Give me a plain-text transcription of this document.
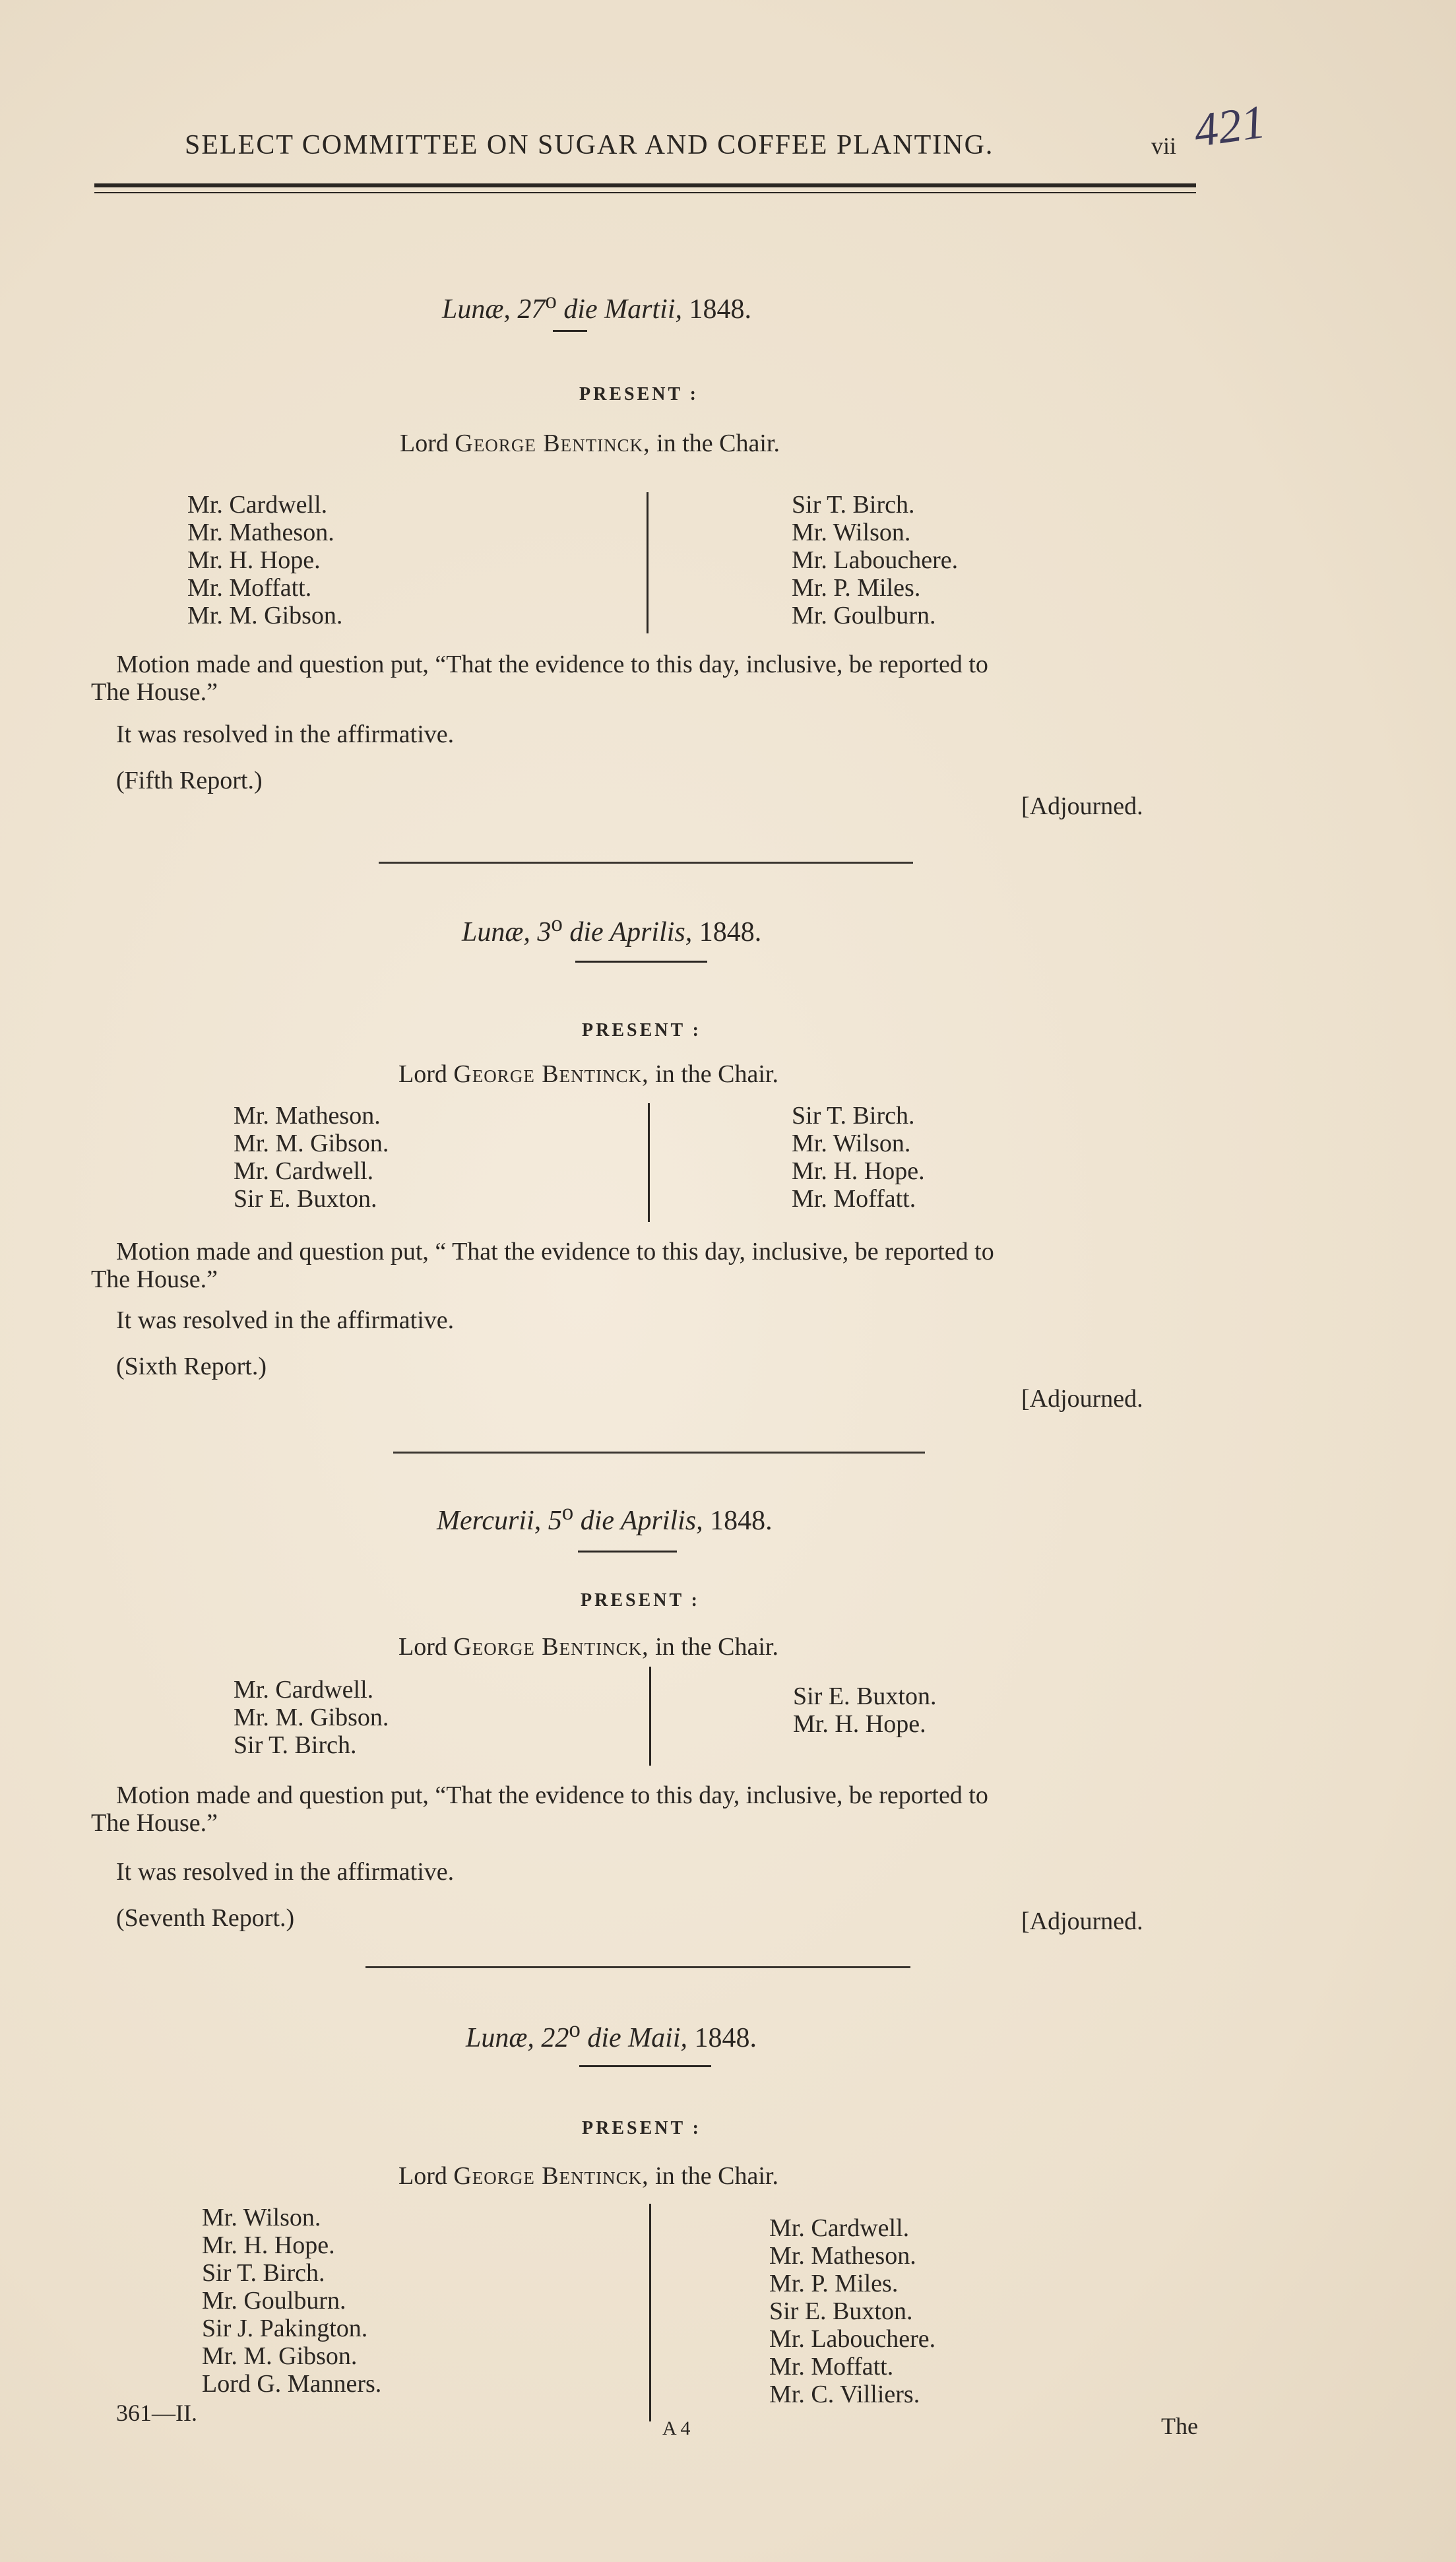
SELECT COMMITTEE ON SUGAR AND COFFEE PLANTING.	vii 421
Lunæ, 27$^o$ die Martii, 1848.
PRESENT :
Lord George Bentinck, in the Chair.
Mr. Cardwell.
Mr. Matheson.
Mr. H. Hope.
Mr. Moffatt.
Mr. M. Gibson.
Sir T. Birch.
Mr. Wilson.
Mr. Labouchere.
Mr. P. Miles.
Mr. Goulburn.
Motion made and question put, “That the evidence to this day, inclusive, be reported to
The House.”
It was resolved in the affirmative.
(Fifth Report.)
[Adjourned.
Lunæ, 3$^o$ die Aprilis, 1848.
PRESENT :
Lord George Bentinck, in the Chair.
Mr. Matheson.
Mr. M. Gibson.
Mr. Cardwell.
Sir E. Buxton.
Sir T. Birch.
Mr. Wilson.
Mr. H. Hope.
Mr. Moffatt.
Motion made and question put, “ That the evidence to this day, inclusive, be reported to
The House.”
It was resolved in the affirmative.
(Sixth Report.)
[Adjourned.
Mercurii, 5$^o$ die Aprilis, 1848.
PRESENT :
Lord George Bentinck, in the Chair.
Mr. Cardwell.
Mr. M. Gibson.
Sir T. Birch.
Sir E. Buxton.
Mr. H. Hope.
Motion made and question put, “That the evidence to this day, inclusive, be reported to
The House.”
It was resolved in the affirmative.
(Seventh Report.)	[Adjourned.
Lunæ, 22$^o$ die Maii, 1848.
PRESENT :
Lord George Bentinck, in the Chair.
Mr. Wilson.
Mr. H. Hope.
Sir T. Birch.
Mr. Goulburn.
Sir J. Pakington.
Mr. M. Gibson.
Lord G. Manners.
Mr. Cardwell.
Mr. Matheson.
Mr. P. Miles.
Sir E. Buxton.
Mr. Labouchere.
Mr. Moffatt.
Mr. C. Villiers.
361—II.
A 4	The
